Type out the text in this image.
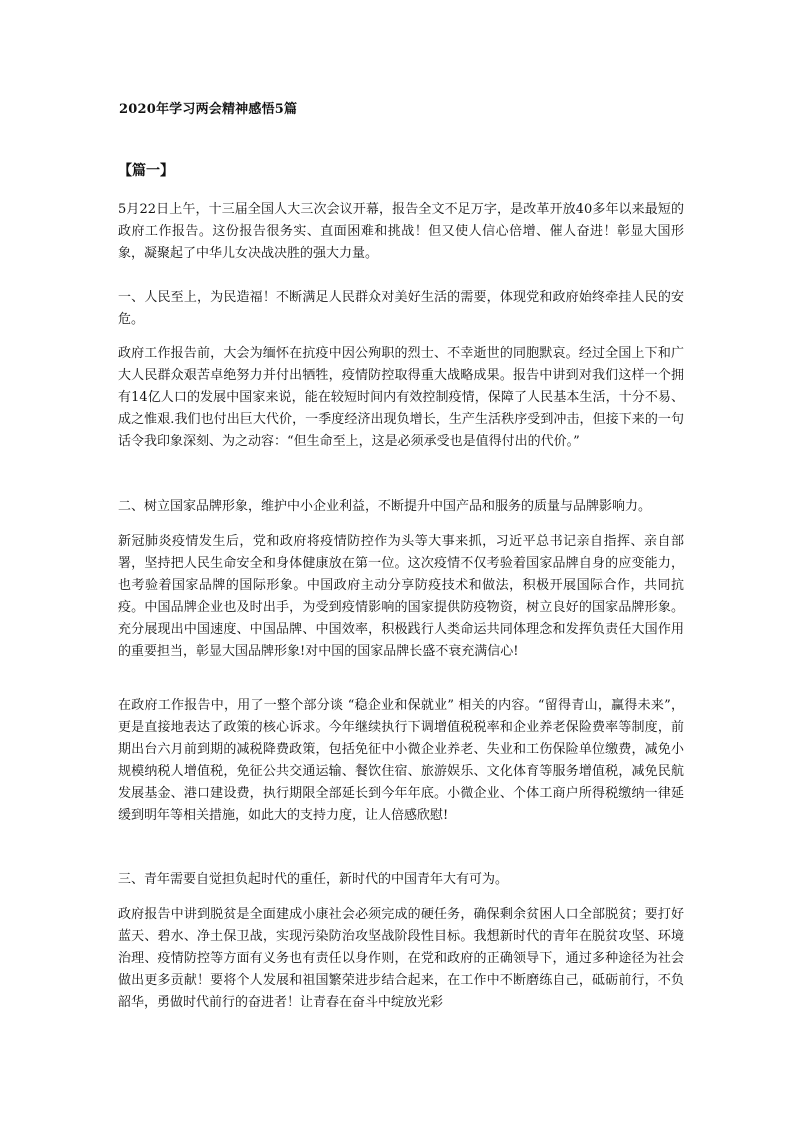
2020年学习两会精神感悟5篇
【篇一】

5月22日上午，十三届全国人大三次会议开幕，报告全文不足万字，是改革开放40多年以来最短的政府工作报告。这份报告很务实、直面困难和挑战！但又使人信心倍增、催人奋进！彰显大国形象，凝聚起了中华儿女决战决胜的强大力量。

一、人民至上，为民造福！不断满足人民群众对美好生活的需要，体现党和政府始终牵挂人民的安危。

政府工作报告前，大会为缅怀在抗疫中因公殉职的烈士、不幸逝世的同胞默哀。经过全国上下和广大人民群众艰苦卓绝努力并付出牺牲，疫情防控取得重大战略成果。报告中讲到对我们这样一个拥有14亿人口的发展中国家来说，能在较短时间内有效控制疫情，保障了人民基本生活，十分不易、成之惟艰.我们也付出巨大代价，一季度经济出现负增长，生产生活秩序受到冲击，但接下来的一句话令我印象深刻、为之动容：“但生命至上，这是必须承受也是值得付出的代价。”

二、树立国家品牌形象，维护中小企业利益，不断提升中国产品和服务的质量与品牌影响力。

新冠肺炎疫情发生后，党和政府将疫情防控作为头等大事来抓，习近平总书记亲自指挥、亲自部署，坚持把人民生命安全和身体健康放在第一位。这次疫情不仅考验着国家品牌自身的应变能力，也考验着国家品牌的国际形象。中国政府主动分享防疫技术和做法，积极开展国际合作，共同抗疫。中国品牌企业也及时出手，为受到疫情影响的国家提供防疫物资，树立良好的国家品牌形象。充分展现出中国速度、中国品牌、中国效率，积极践行人类命运共同体理念和发挥负责任大国作用的重要担当，彰显大国品牌形象!对中国的国家品牌长盛不衰充满信心!

在政府工作报告中，用了一整个部分谈 “稳企业和保就业” 相关的内容。“留得青山，赢得未来”，更是直接地表达了政策的核心诉求。今年继续执行下调增值税税率和企业养老保险费率等制度，前期出台六月前到期的减税降费政策，包括免征中小微企业养老、失业和工伤保险单位缴费，减免小规模纳税人增值税，免征公共交通运输、餐饮住宿、旅游娱乐、文化体育等服务增值税，减免民航发展基金、港口建设费，执行期限全部延长到今年年底。小微企业、个体工商户所得税缴纳一律延缓到明年等相关措施，如此大的支持力度，让人倍感欣慰!

三、青年需要自觉担负起时代的重任，新时代的中国青年大有可为。

政府报告中讲到脱贫是全面建成小康社会必须完成的硬任务，确保剩余贫困人口全部脱贫；要打好蓝天、碧水、净土保卫战，实现污染防治攻坚战阶段性目标。我想新时代的青年在脱贫攻坚、环境治理、疫情防控等方面有义务也有责任以身作则，在党和政府的正确领导下，通过多种途径为社会做出更多贡献！要将个人发展和祖国繁荣进步结合起来，在工作中不断磨练自己，砥砺前行，不负韶华，勇做时代前行的奋进者！让青春在奋斗中绽放光彩
